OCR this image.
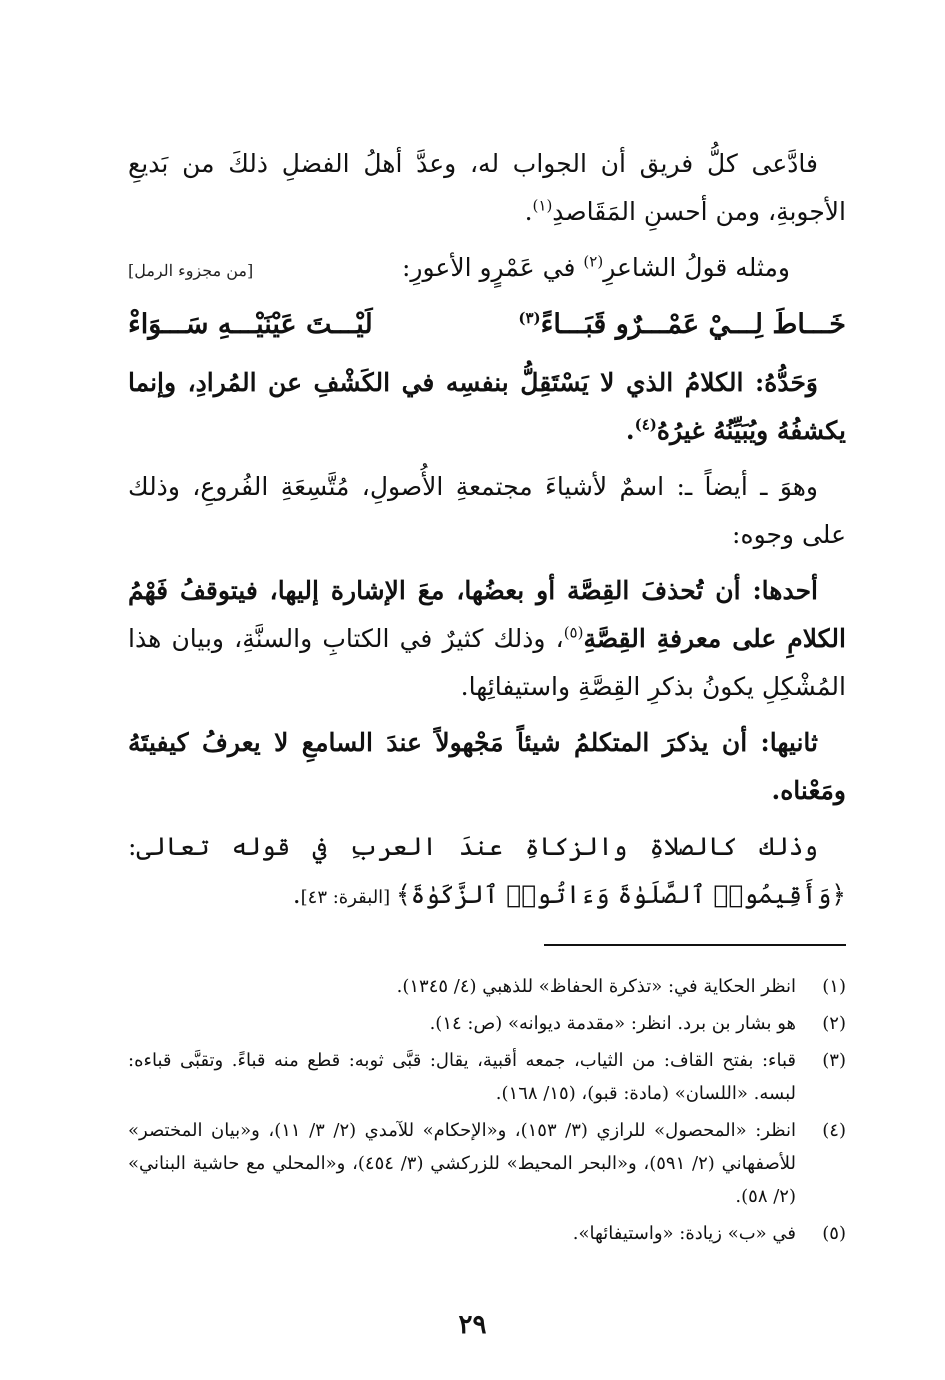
فادَّعى كلُّ فريق أن الجواب له، وعدَّ أهلُ الفضلِ ذلكَ من بَديعِ الأجوبةِ، ومن أحسنِ المَقَاصدِ$^{(١)}$.

ومثله قولُ الشاعرِ$^{(٢)}$ في عَمْرٍو الأعورِ:
[من مجزوء الرمل]
خَـــاطَ لِـــيْ عَمْـــرٌو قَبَـــاءً$^{(٣)}$
لَيْـــتَ عَيْنَيْـــهِ سَـــوَاءْ

وَحَدُّهُ: الكلامُ الذي لا يَسْتَقِلُّ بنفسِه في الكَشْفِ عن المُرادِ، وإنما يكشفُهُ ويُبَيِّنُهُ غيرُهُ$^{(٤)}$.

وهوَ ـ أيضاً ـ: اسمٌ لأشياءَ مجتمعةِ الأُصولِ، مُتَّسِعَةِ الفُروعِ، وذلك على وجوه:

أحدها: أن تُحذفَ القِصَّة أو بعضُها، معَ الإشارة إليها، فيتوقفُ فَهْمُ الكلامِ على معرفةِ القِصَّةِ$^{(٥)}$، وذلك كثيرٌ في الكتابِ والسنَّةِ، وبيان هذا المُشْكِلِ يكونُ بذكرِ القِصَّةِ واستيفائِها.

ثانيها: أن يذكرَ المتكلمُ شيئاً مَجْهولاً عندَ السامعِ لا يعرفُ كيفيتَهُ ومَعْناه.

وذلك كالصلاةِ والزكاةِ عندَ العربِ في قوله تعالى: ﴿وَأَقِيمُوا۟ ٱلصَّلَوٰةَ وَءَاتُوا۟ ٱلزَّكَوٰةَ﴾ [البقرة: ٤٣].

(١)
انظر الحكاية في: «تذكرة الحفاظ» للذهبي (٤/ ١٣٤٥).
(٢)
هو بشار بن برد. انظر: «مقدمة ديوانه» (ص: ١٤).
(٣)
قباء: بفتح القاف: من الثياب، جمعه أقبية، يقال: قبَّى ثوبه: قطع منه قباءً. وتقبَّى قباءه: لبسه. «اللسان» (مادة: قبو)، (١٥/ ١٦٨).
(٤)
انظر: «المحصول» للرازي (٣/ ١٥٣)، و«الإحكام» للآمدي (٢/ ٣/ ١١)، و«بيان المختصر» للأصفهاني (٢/ ٥٩١)، و«البحر المحيط» للزركشي (٣/ ٤٥٤)، و«المحلي مع حاشية البناني» (٢/ ٥٨).
(٥)
في «ب» زيادة: «واستيفائها».
٢٩
